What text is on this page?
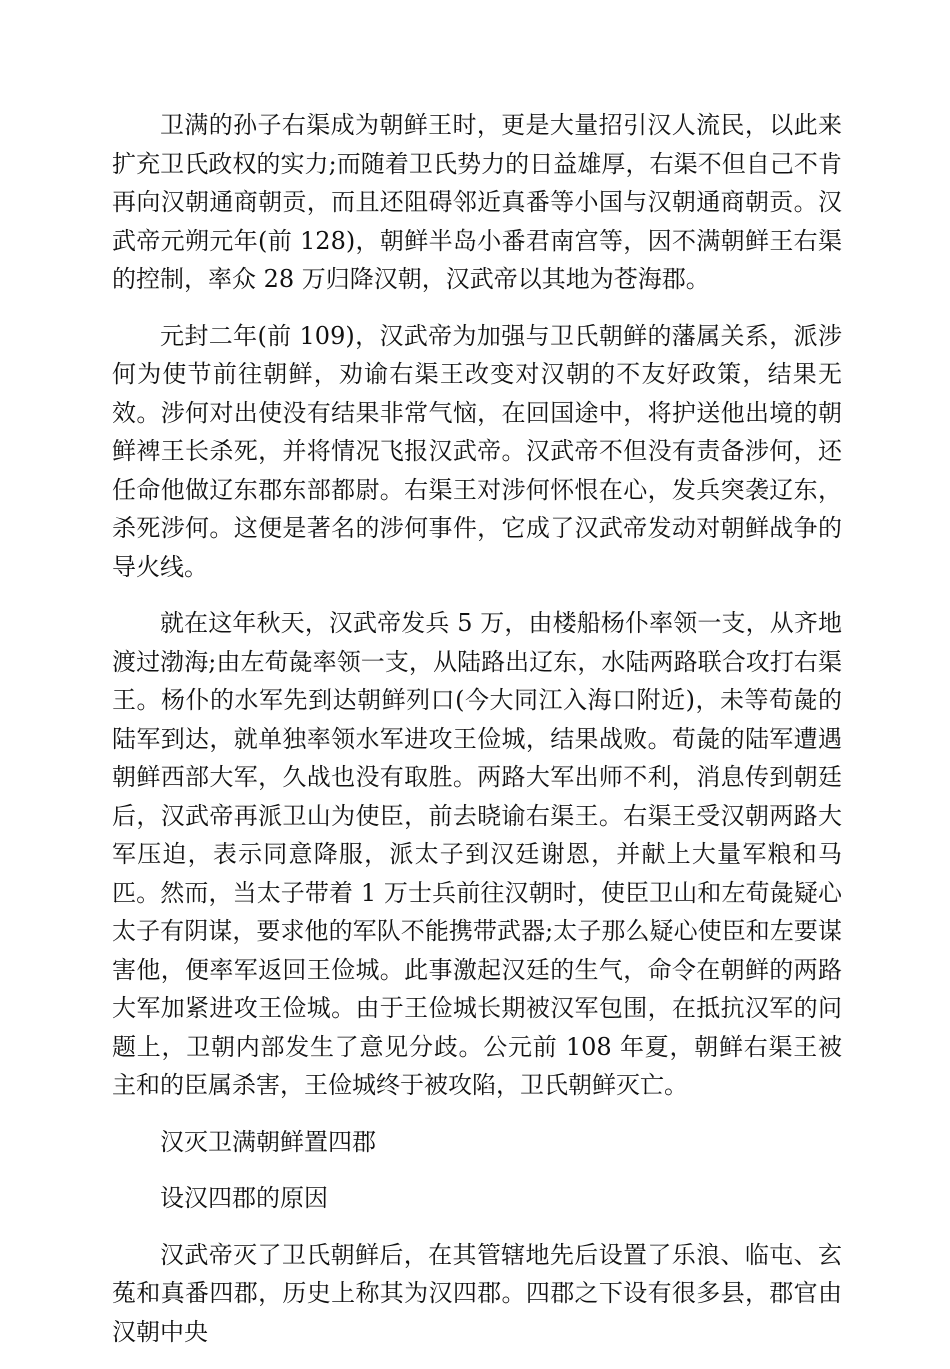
卫满的孙子右渠成为朝鲜王时，更是大量招引汉人流民，以此来扩充卫氏政权的实力;而随着卫氏势力的日益雄厚，右渠不但自己不肯再向汉朝通商朝贡，而且还阻碍邻近真番等小国与汉朝通商朝贡。汉武帝元朔元年(前 128)，朝鲜半岛小番君南宫等，因不满朝鲜王右渠的控制，率众 28 万归降汉朝，汉武帝以其地为苍海郡。

元封二年(前 109)，汉武帝为加强与卫氏朝鲜的藩属关系，派涉何为使节前往朝鲜，劝谕右渠王改变对汉朝的不友好政策，结果无效。涉何对出使没有结果非常气恼，在回国途中，将护送他出境的朝鲜裨王长杀死，并将情况飞报汉武帝。汉武帝不但没有责备涉何，还任命他做辽东郡东部都尉。右渠王对涉何怀恨在心，发兵突袭辽东，杀死涉何。这便是著名的涉何事件，它成了汉武帝发动对朝鲜战争的导火线。

就在这年秋天，汉武帝发兵 5 万，由楼船杨仆率领一支，从齐地渡过渤海;由左荀彘率领一支，从陆路出辽东，水陆两路联合攻打右渠王。杨仆的水军先到达朝鲜列口(今大同江入海口附近)，未等荀彘的陆军到达，就单独率领水军进攻王俭城，结果战败。荀彘的陆军遭遇朝鲜西部大军，久战也没有取胜。两路大军出师不利，消息传到朝廷后，汉武帝再派卫山为使臣，前去晓谕右渠王。右渠王受汉朝两路大军压迫，表示同意降服，派太子到汉廷谢恩，并献上大量军粮和马匹。然而，当太子带着 1 万士兵前往汉朝时，使臣卫山和左荀彘疑心太子有阴谋，要求他的军队不能携带武器;太子那么疑心使臣和左要谋害他，便率军返回王俭城。此事激起汉廷的生气，命令在朝鲜的两路大军加紧进攻王俭城。由于王俭城长期被汉军包围，在抵抗汉军的问题上，卫朝内部发生了意见分歧。公元前 108 年夏，朝鲜右渠王被主和的臣属杀害，王俭城终于被攻陷，卫氏朝鲜灭亡。

汉灭卫满朝鲜置四郡

设汉四郡的原因

汉武帝灭了卫氏朝鲜后，在其管辖地先后设置了乐浪、临屯、玄菟和真番四郡，历史上称其为汉四郡。四郡之下设有很多县，郡官由汉朝中央
